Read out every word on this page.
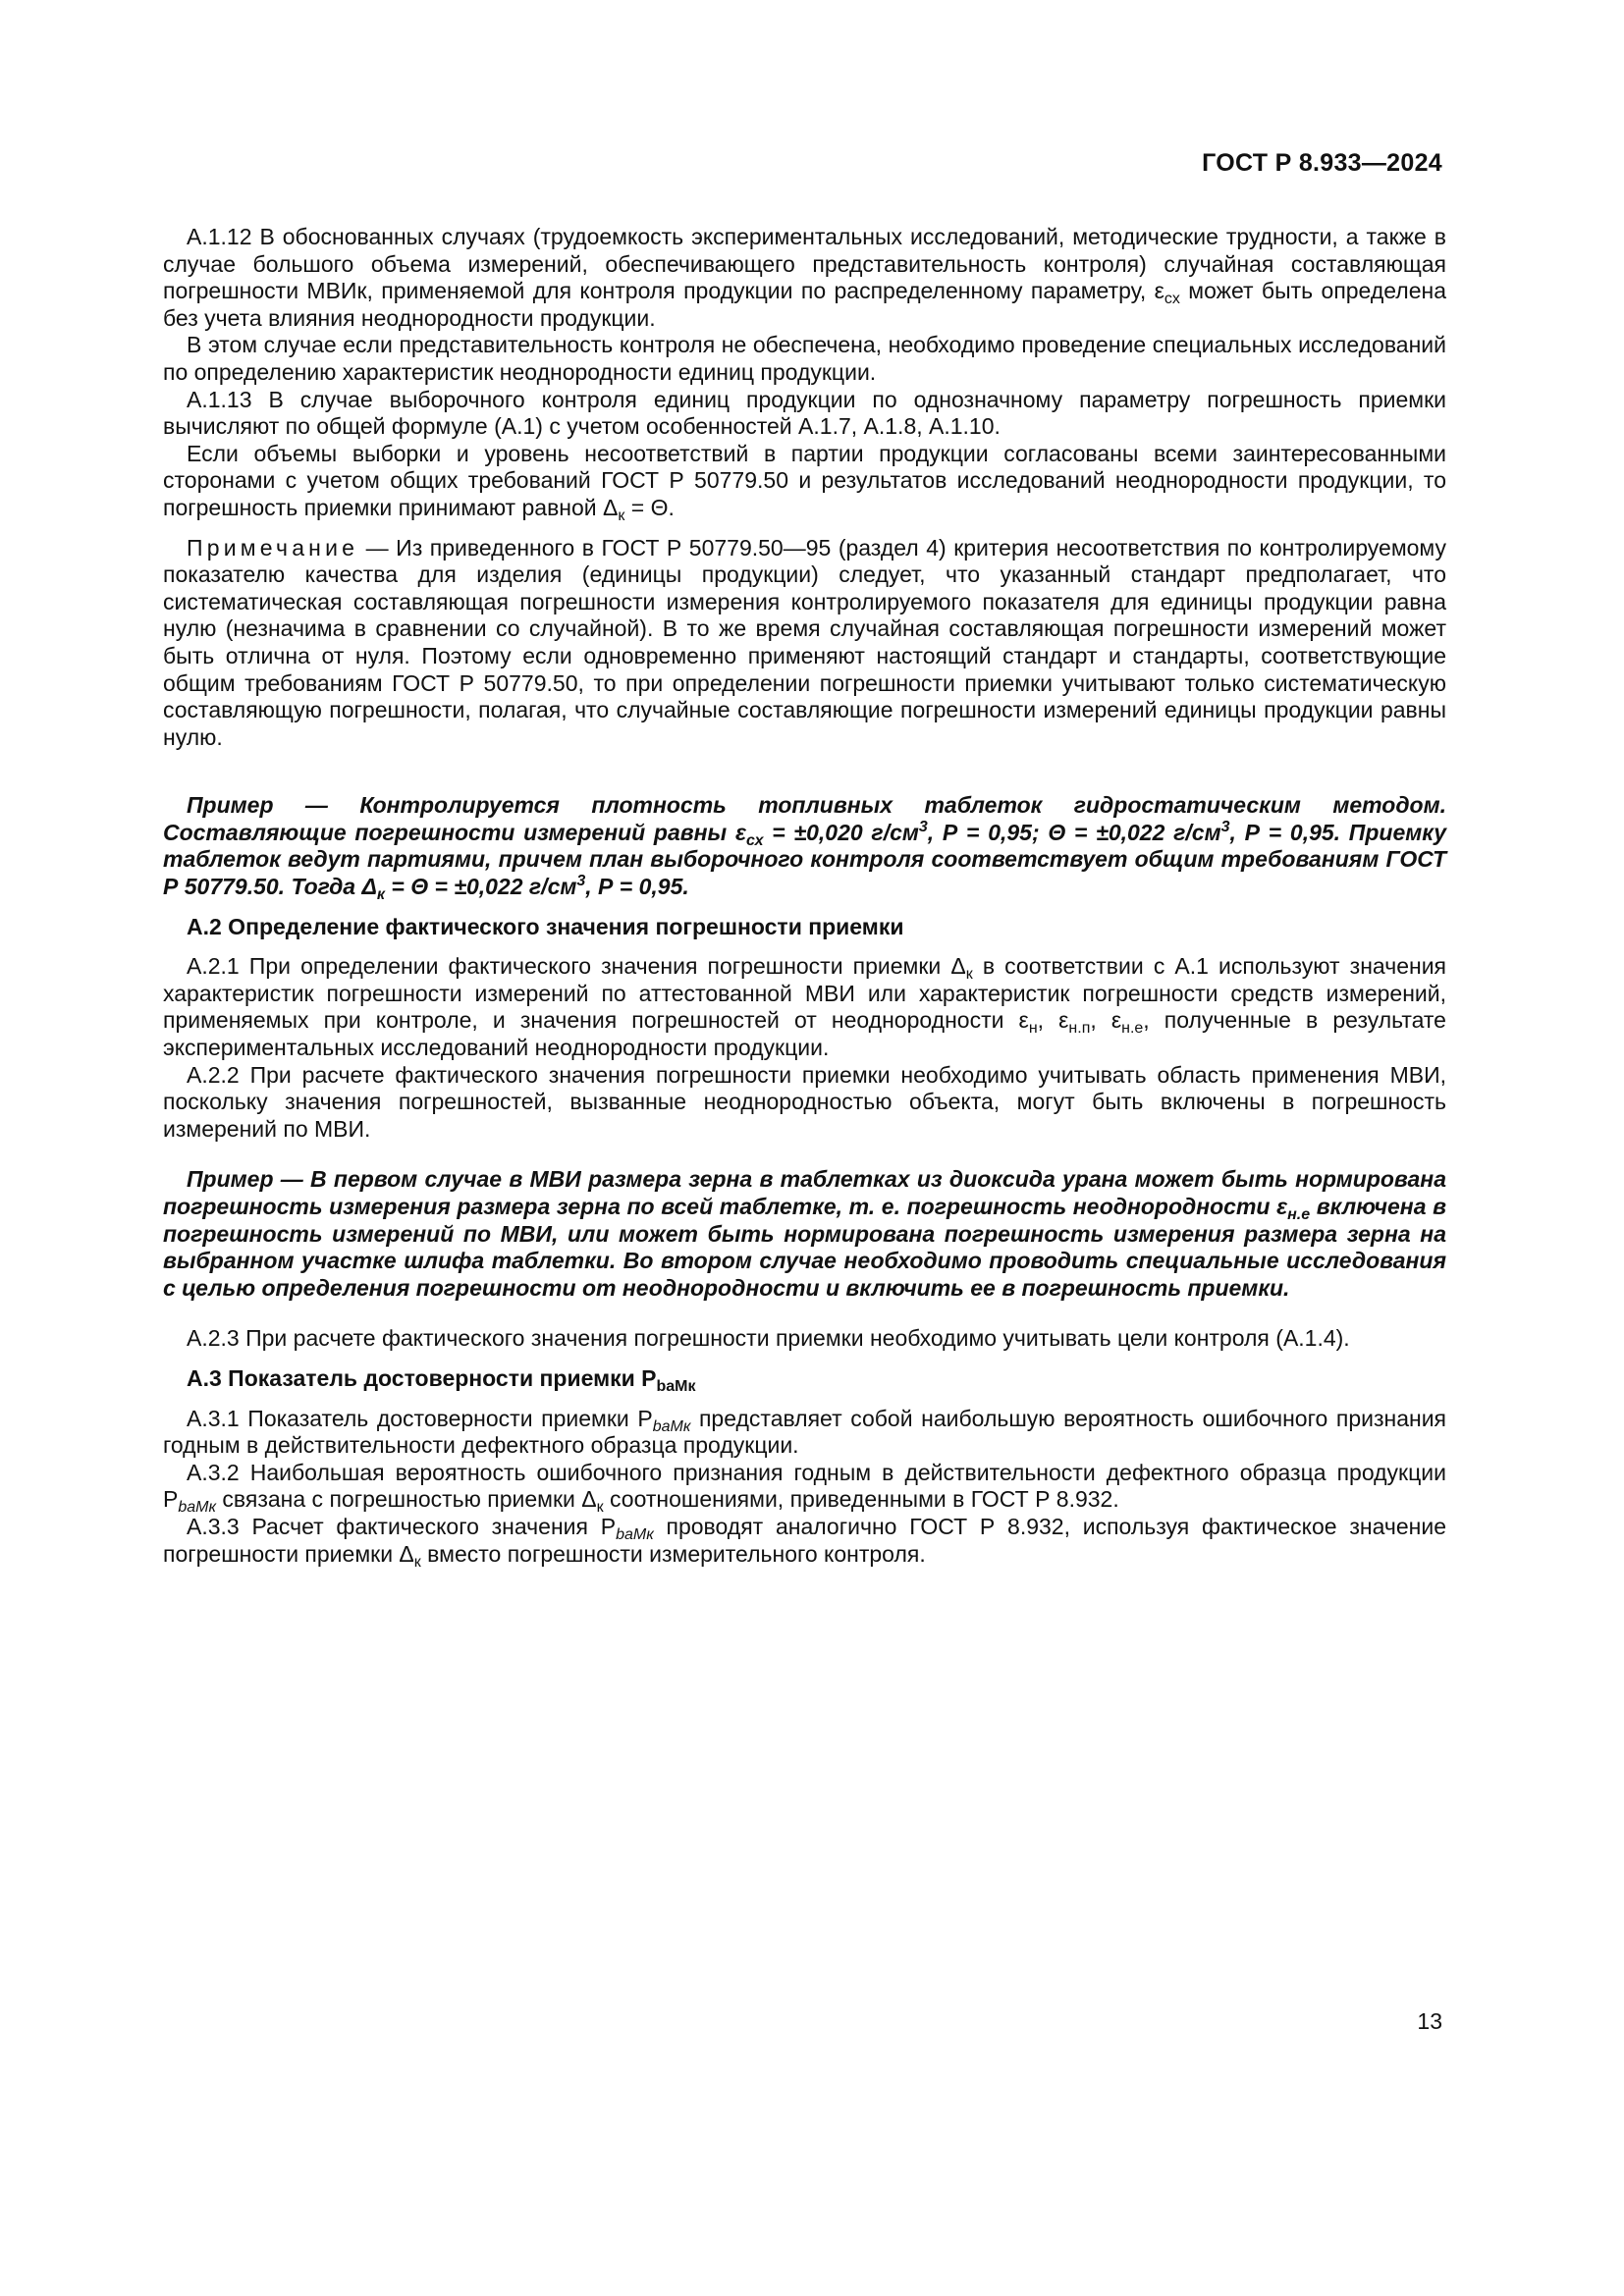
ГОСТ Р 8.933—2024

А.1.12 В обоснованных случаях (трудоемкость экспериментальных исследований, методические трудности, а также в случае большого объема измерений, обеспечивающего представительность контроля) случайная составляющая погрешности МВИк, применяемой для контроля продукции по распределенному параметру, $\varepsilon_{сх}$ может быть определена без учета влияния неоднородности продукции.

В этом случае если представительность контроля не обеспечена, необходимо проведение специальных исследований по определению характеристик неоднородности единиц продукции.

А.1.13 В случае выборочного контроля единиц продукции по однозначному параметру погрешность приемки вычисляют по общей формуле (А.1) с учетом особенностей А.1.7, А.1.8, А.1.10.

Если объемы выборки и уровень несоответствий в партии продукции согласованы всеми заинтересованными сторонами с учетом общих требований ГОСТ Р 50779.50 и результатов исследований неоднородности продукции, то погрешность приемки принимают равной $\Delta_к = \Theta$.

Примечание — Из приведенного в ГОСТ Р 50779.50—95 (раздел 4) критерия несоответствия по контролируемому показателю качества для изделия (единицы продукции) следует, что указанный стандарт предполагает, что систематическая составляющая погрешности измерения контролируемого показателя для единицы продукции равна нулю (незначима в сравнении со случайной). В то же время случайная составляющая погрешности измерений может быть отлична от нуля. Поэтому если одновременно применяют настоящий стандарт и стандарты, соответствующие общим требованиям ГОСТ Р 50779.50, то при определении погрешности приемки учитывают только систематическую составляющую погрешности, полагая, что случайные составляющие погрешности измерений единицы продукции равны нулю.

Пример — Контролируется плотность топливных таблеток гидростатическим методом. Составляющие погрешности измерений равны $\varepsilon_{сх} = \pm 0,020$ $г/см^3$, Р = 0,95; Θ = ±0,022 $г/см^3$, Р = 0,95. Приемку таблеток ведут партиями, причем план выборочного контроля соответствует общим требованиям ГОСТ Р 50779.50. Тогда $\Delta_к = \Theta = \pm 0,022$ $г/см^3$, Р = 0,95.

А.2 Определение фактического значения погрешности приемки

А.2.1 При определении фактического значения погрешности приемки $\Delta_к$ в соответствии с А.1 используют значения характеристик погрешности измерений по аттестованной МВИ или характеристик погрешности средств измерений, применяемых при контроле, и значения погрешностей от неоднородности $\varepsilon_н$, $\varepsilon_{н.п}$, $\varepsilon_{н.е}$, полученные в результате экспериментальных исследований неоднородности продукции.

А.2.2 При расчете фактического значения погрешности приемки необходимо учитывать область применения МВИ, поскольку значения погрешностей, вызванные неоднородностью объекта, могут быть включены в погрешность измерений по МВИ.

Пример — В первом случае в МВИ размера зерна в таблетках из диоксида урана может быть нормирована погрешность измерения размера зерна по всей таблетке, т. е. погрешность неоднородности $\varepsilon_{н.е}$ включена в погрешность измерений по МВИ, или может быть нормирована погрешность измерения размера зерна на выбранном участке шлифа таблетки. Во втором случае необходимо проводить специальные исследования с целью определения погрешности от неоднородности и включить ее в погрешность приемки.

А.2.3 При расчете фактического значения погрешности приемки необходимо учитывать цели контроля (А.1.4).

А.3 Показатель достоверности приемки $P_{baMк}$

А.3.1 Показатель достоверности приемки $P_{baMк}$ представляет собой наибольшую вероятность ошибочного признания годным в действительности дефектного образца продукции.

А.3.2 Наибольшая вероятность ошибочного признания годным в действительности дефектного образца продукции $P_{baMк}$ связана с погрешностью приемки $\Delta_к$ соотношениями, приведенными в ГОСТ Р 8.932.

А.3.3 Расчет фактического значения $P_{baMк}$ проводят аналогично ГОСТ Р 8.932, используя фактическое значение погрешности приемки $\Delta_к$ вместо погрешности измерительного контроля.

13
